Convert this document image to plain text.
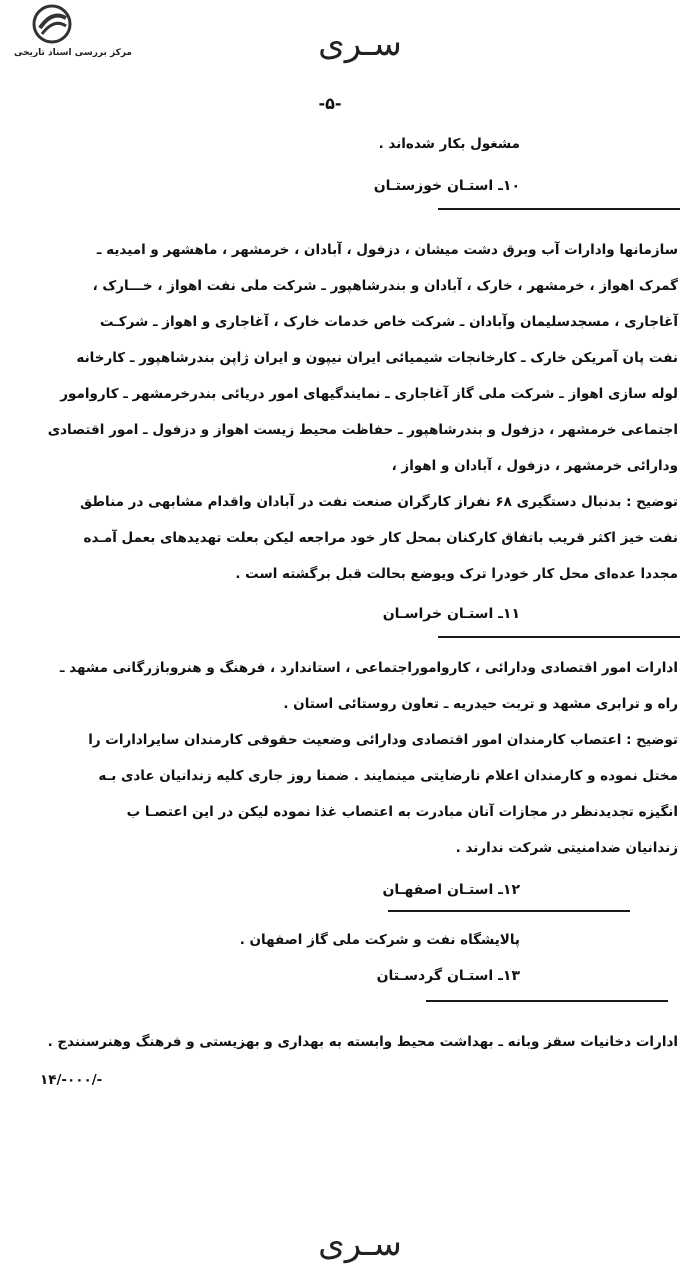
مرکز بررسی اسناد تاریخی	سـری
-۵-
مشغول بکار شده‌اند .
۱۰ـ استـان خوزستـان
سازمانها وادارات آب وبرق دشت میشان ، دزفول ، آبادان ، خرمشهر ، ماهشهر و امیدیه ـ
گمرک اهواز ، خرمشهر ، خارک ، آبادان و بندرشاهپور ـ شرکت ملی نفت اهواز ، خـــارک ،
آغاجاری ، مسجدسلیمان وآبادان ـ شرکت خاص خدمات خارک ، آغاجاری و اهواز ـ شرکـت
نفت پان آمریکن خارک ـ کارخانجات شیمیائی ایران نیپون و ایران ژاپن بندرشاهپور ـ کارخانه
لوله سازی اهواز ـ شرکت ملی گاز آغاجاری ـ نمایندگیهای امور دریائی بندرخرمشهر ـ کاروامور
اجتماعی خرمشهر ، دزفول و بندرشاهپور ـ حفاظت محیط زیست اهواز و دزفول ـ امور اقتصادی
ودارائی خرمشهر ، دزفول ، آبادان و اهواز ،
توضیح : بدنبال دستگیری ۶۸ نفراز کارگران صنعت نفت در آبادان واقدام مشابهی در مناطق
نفت خیز اکثر قریب باتفاق کارکنان بمحل کار خود مراجعه لیکن بعلت تهدیدهای بعمل آمـده
مجددا عده‌ای محل کار خودرا ترک ویوضع بحالت قبل برگشته است .
۱۱ـ استـان خراسـان
ادارات امور اقتصادی ودارائی ، کارواموراجتماعی ، استاندارد ، فرهنگ و هنروبازرگانی مشهد ـ
راه و ترابری مشهد و تربت حیدریه ـ تعاون روستائی استان .
توضیح : اعتصاب کارمندان امور اقتصادی ودارائی وضعیت حقوقی کارمندان سایرادارات را
مختل نموده و کارمندان اعلام نارضایتی مینمایند . ضمنا روز جاری کلیه زندانیان عادی بـه
انگیزه تجدیدنظر در مجازات آنان مبادرت به اعتصاب غذا نموده لیکن در این اعتصـا ب
زندانیان ضدامنیتی شرکت ندارند .
۱۲ـ استـان اصفهـان
پالایشگاه نفت و شرکت ملی گاز اصفهان .
۱۳ـ استـان گردسـتان
ادارات دخانیات سقز وبانه ـ بهداشت محیط وابسته به بهداری و بهزیستی و فرهنگ وهنرسنندج .
۱۴/-۰۰۰/-
سـری
